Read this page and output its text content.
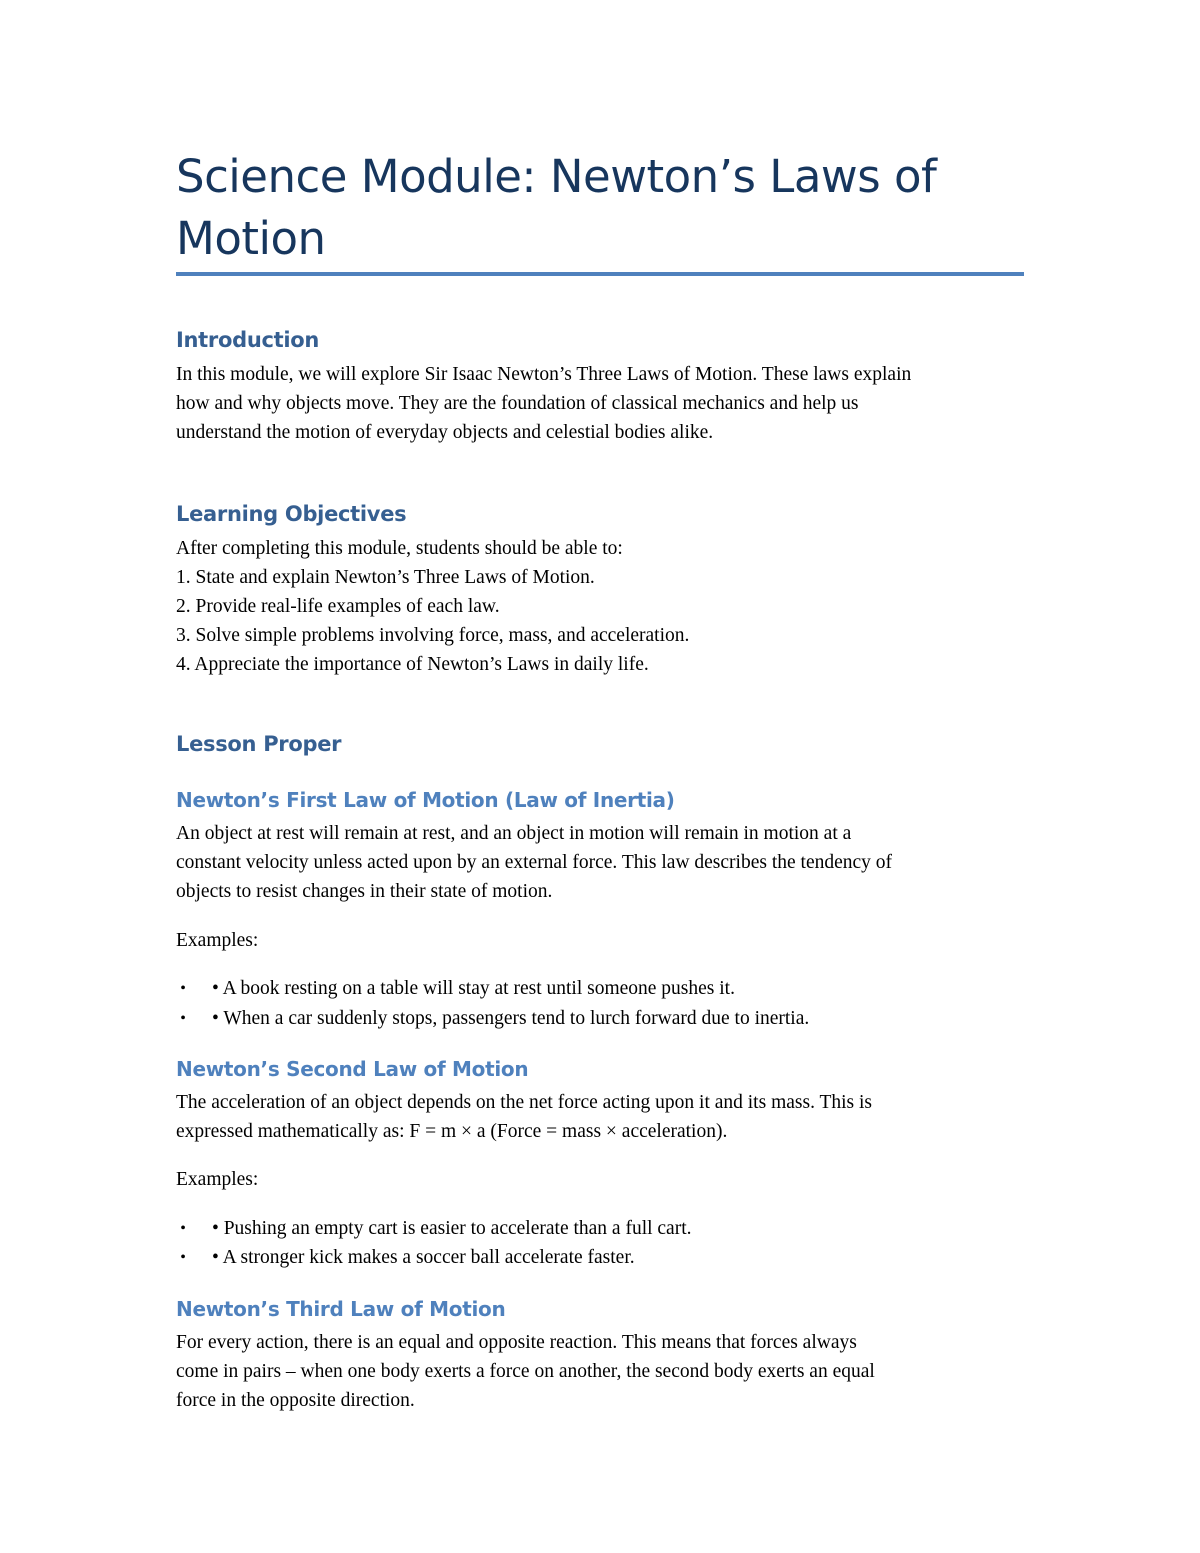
Science Module: Newton’s Laws of Motion
Introduction

In this module, we will explore Sir Isaac Newton’s Three Laws of Motion. These laws explain

how and why objects move. They are the foundation of classical mechanics and help us

understand the motion of everyday objects and celestial bodies alike.

Learning Objectives

After completing this module, students should be able to:

1. State and explain Newton’s Three Laws of Motion.

2. Provide real-life examples of each law.

3. Solve simple problems involving force, mass, and acceleration.

4. Appreciate the importance of Newton’s Laws in daily life.

Lesson Proper
Newton’s First Law of Motion (Law of Inertia)

An object at rest will remain at rest, and an object in motion will remain in motion at a

constant velocity unless acted upon by an external force. This law describes the tendency of

objects to resist changes in their state of motion.

Examples:

• • A book resting on a table will stay at rest until someone pushes it.
• • When a car suddenly stops, passengers tend to lurch forward due to inertia.
Newton’s Second Law of Motion

The acceleration of an object depends on the net force acting upon it and its mass. This is

expressed mathematically as: F = m × a (Force = mass × acceleration).

Examples:

• • Pushing an empty cart is easier to accelerate than a full cart.
• • A stronger kick makes a soccer ball accelerate faster.
Newton’s Third Law of Motion

For every action, there is an equal and opposite reaction. This means that forces always

come in pairs – when one body exerts a force on another, the second body exerts an equal

force in the opposite direction.
